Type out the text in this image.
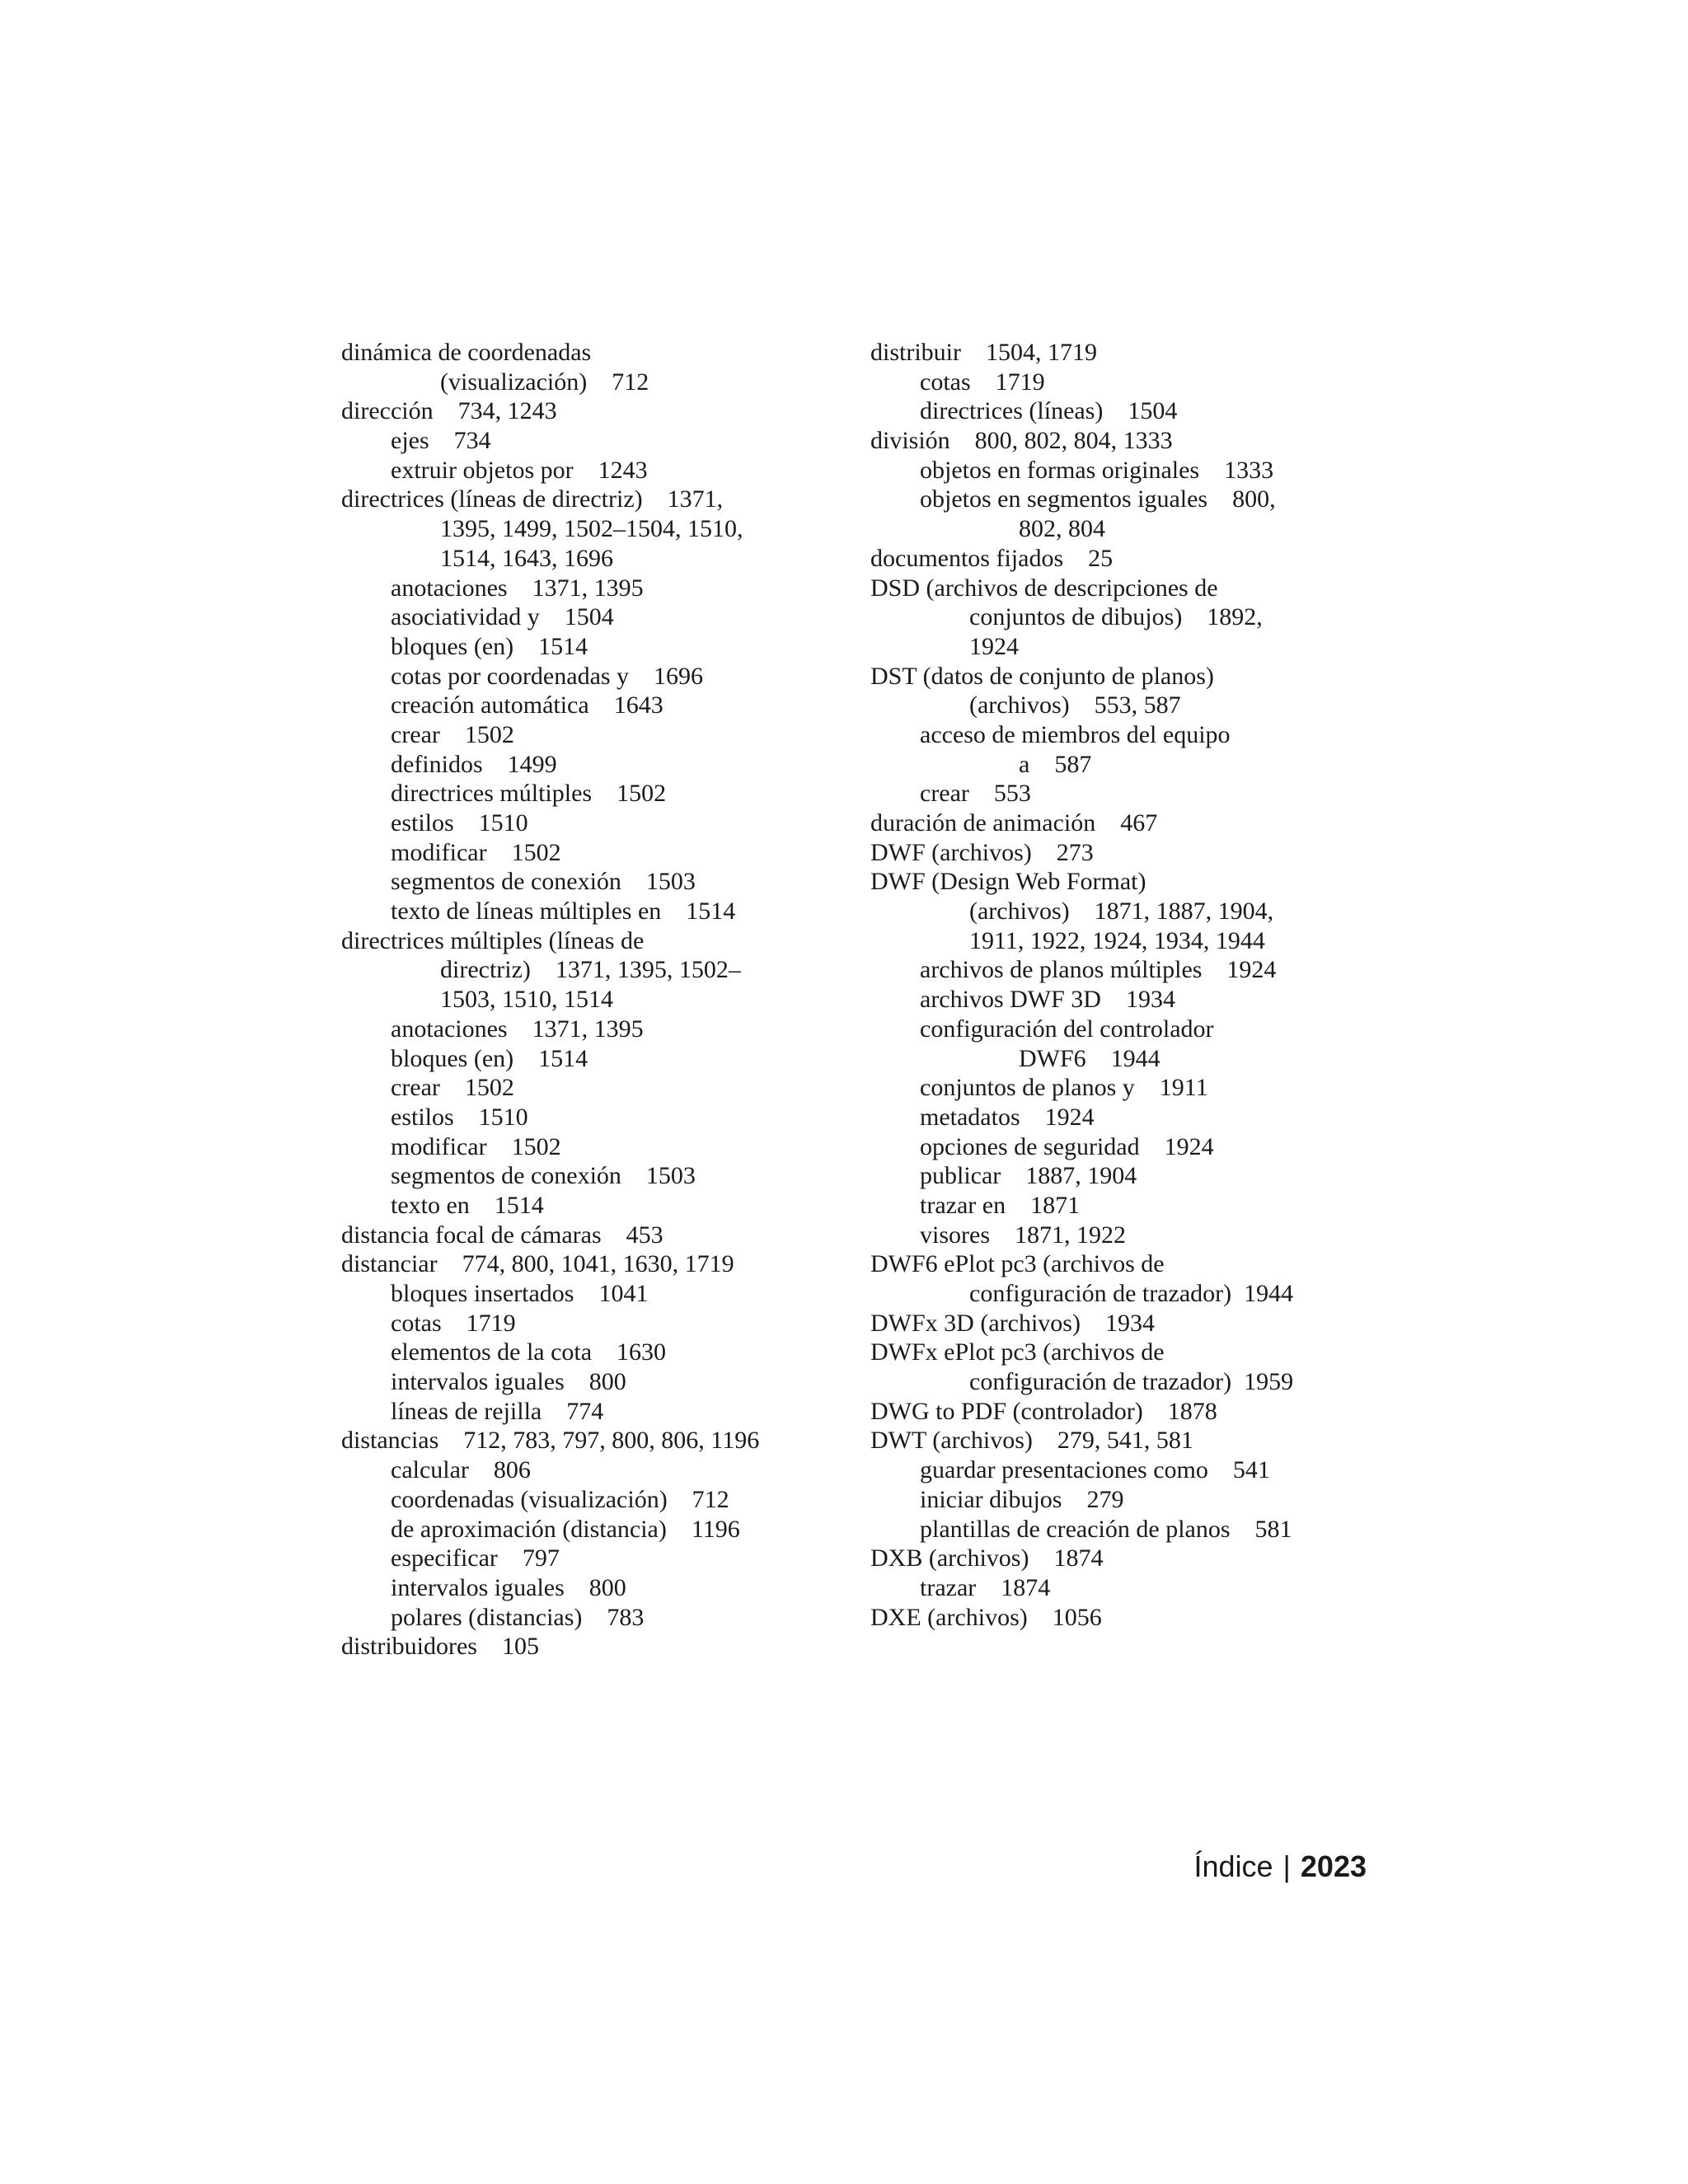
dinámica de coordenadas
(visualización)    712
dirección    734, 1243
ejes    734
extruir objetos por    1243
directrices (líneas de directriz)    1371,
1395, 1499, 1502–1504, 1510,
1514, 1643, 1696
anotaciones    1371, 1395
asociatividad y    1504
bloques (en)    1514
cotas por coordenadas y    1696
creación automática    1643
crear    1502
definidos    1499
directrices múltiples    1502
estilos    1510
modificar    1502
segmentos de conexión    1503
texto de líneas múltiples en    1514
directrices múltiples (líneas de
directriz)    1371, 1395, 1502–
1503, 1510, 1514
anotaciones    1371, 1395
bloques (en)    1514
crear    1502
estilos    1510
modificar    1502
segmentos de conexión    1503
texto en    1514
distancia focal de cámaras    453
distanciar    774, 800, 1041, 1630, 1719
bloques insertados    1041
cotas    1719
elementos de la cota    1630
intervalos iguales    800
líneas de rejilla    774
distancias    712, 783, 797, 800, 806, 1196
calcular    806
coordenadas (visualización)    712
de aproximación (distancia)    1196
especificar    797
intervalos iguales    800
polares (distancias)    783
distribuidores    105
distribuir    1504, 1719
cotas    1719
directrices (líneas)    1504
división    800, 802, 804, 1333
objetos en formas originales    1333
objetos en segmentos iguales    800,
802, 804
documentos fijados    25
DSD (archivos de descripciones de
conjuntos de dibujos)    1892,
1924
DST (datos de conjunto de planos)
(archivos)    553, 587
acceso de miembros del equipo
a    587
crear    553
duración de animación    467
DWF (archivos)    273
DWF (Design Web Format)
(archivos)    1871, 1887, 1904,
1911, 1922, 1924, 1934, 1944
archivos de planos múltiples    1924
archivos DWF 3D    1934
configuración del controlador
DWF6    1944
conjuntos de planos y    1911
metadatos    1924
opciones de seguridad    1924
publicar    1887, 1904
trazar en    1871
visores    1871, 1922
DWF6 ePlot pc3 (archivos de
configuración de trazador)  1944
DWFx 3D (archivos)    1934
DWFx ePlot pc3 (archivos de
configuración de trazador)  1959
DWG to PDF (controlador)    1878
DWT (archivos)    279, 541, 581
guardar presentaciones como    541
iniciar dibujos    279
plantillas de creación de planos    581
DXB (archivos)    1874
trazar    1874
DXE (archivos)    1056

Índice | 2023
